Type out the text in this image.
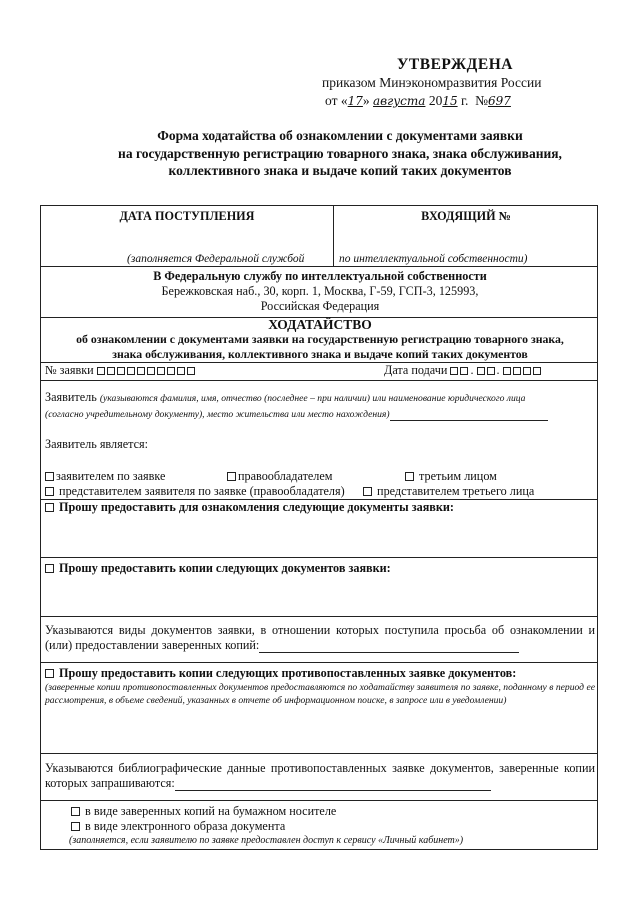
УТВЕРЖДЕНА
приказом Минэкономразвития России
от «17» августа 2015 г. №697
Форма ходатайства об ознакомлении с документами заявки
на государственную регистрацию товарного знака, знака обслуживания,
коллективного знака и выдаче копий таких документов
ДАТА ПОСТУПЛЕНИЯ	ВХОДЯЩИЙ №
(заполняется Федеральной службой	по интеллектуальной собственности)
В Федеральную службу по интеллектуальной собственности
Бережковская наб., 30, корп. 1, Москва, Г-59, ГСП-3, 125993,
Российская Федерация
ХОДАТАЙСТВО
об ознакомлении с документами заявки на государственную регистрацию товарного знака,
знака обслуживания, коллективного знака и выдаче копий таких документов
№ заявки	Дата подачи . .
Заявитель (указываются фамилия, имя, отчество (последнее – при наличии) или наименование юридического лица
(согласно учредительному документу), место жительства или место нахождения)
Заявитель является:
заявителем по заявке	правообладателем	третьим лицом
представителем заявителя по заявке (правообладателя)	представителем третьего лица
Прошу предоставить для ознакомления следующие документы заявки:
Прошу предоставить копии следующих документов заявки:
Указываются виды документов заявки, в отношении которых поступила просьба об ознакомлении и (или) предоставлении заверенных копий:
Прошу предоставить копии следующих противопоставленных заявке документов:
(заверенные копии противопоставленных документов предоставляются по ходатайству заявителя по заявке, поданному в период ее рассмотрения, в объеме сведений, указанных в отчете об информационном поиске, в запросе или в уведомлении)
Указываются библиографические данные противопоставленных заявке документов, заверенные копии которых запрашиваются:
в виде заверенных копий на бумажном носителе
в виде электронного образа документа
(заполняется, если заявителю по заявке предоставлен доступ к сервису «Личный кабинет»)
